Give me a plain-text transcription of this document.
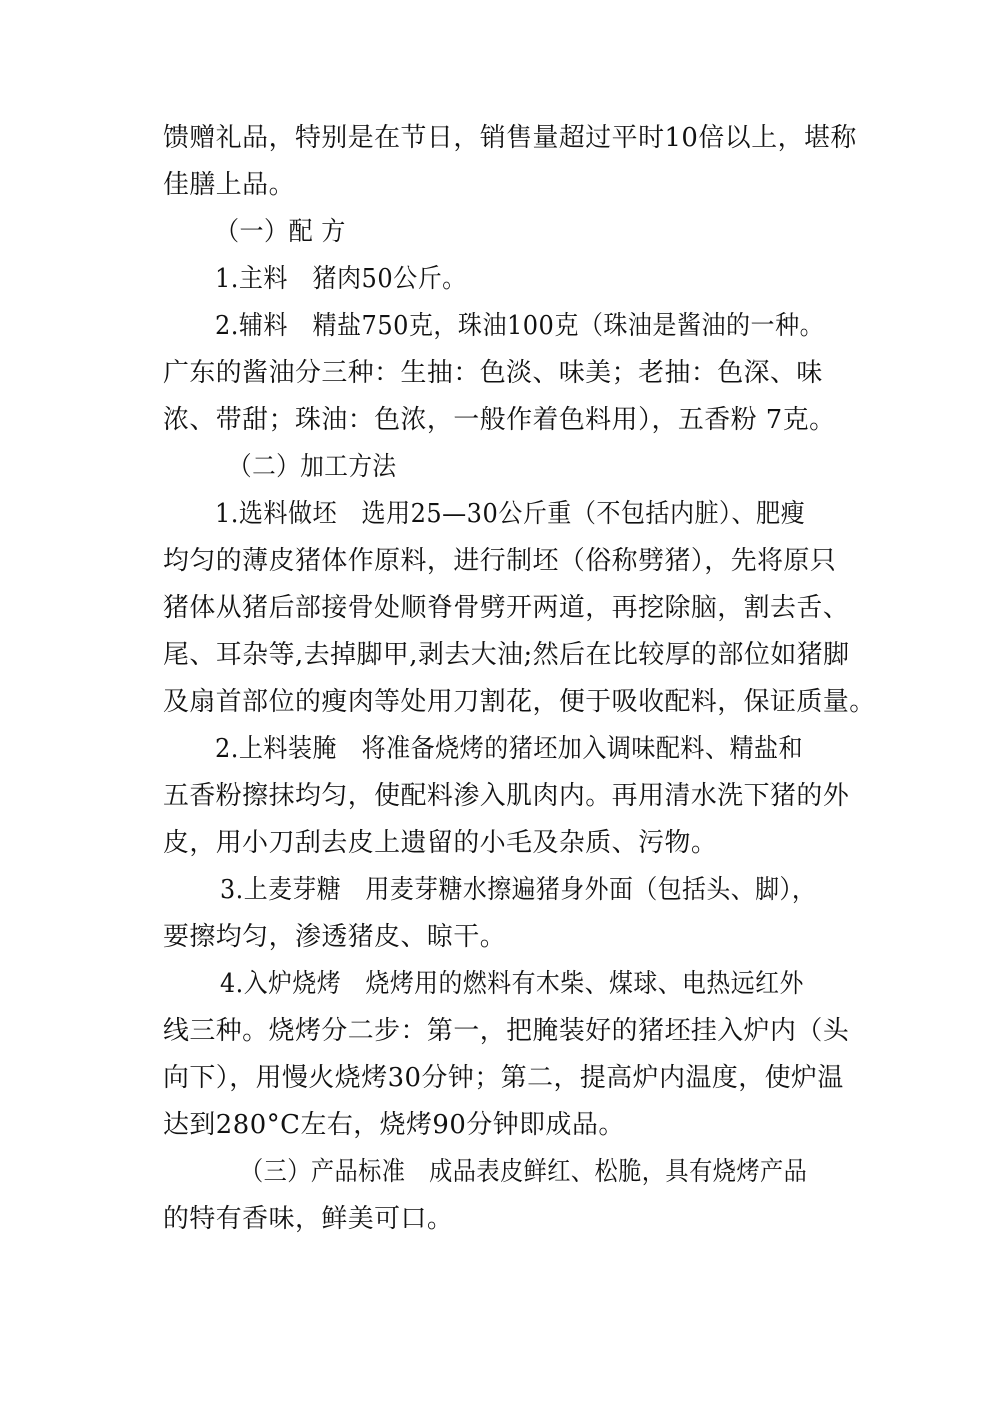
馈赠礼品，特别是在节日，销售量超过平时10倍以上，堪称
佳膳上品。
（一）配 方
1.主料　猪肉50公斤。
2.辅料　精盐750克，珠油100克（珠油是酱油的一种。
广东的酱油分三种：生抽：色淡、味美；老抽：色深、味
浓、带甜；珠油：色浓，一般作着色料用），五香粉 7克。
（二）加工方法
1.选料做坯　选用25—30公斤重（不包括内脏）、肥瘦
均匀的薄皮猪体作原料，进行制坯（俗称劈猪），先将原只
猪体从猪后部接骨处顺脊骨劈开两道，再挖除脑，割去舌、
尾、耳杂等,去掉脚甲,剥去大油;然后在比较厚的部位如猪脚
及扇首部位的瘦肉等处用刀割花，便于吸收配料，保证质量。
2.上料装腌　将准备烧烤的猪坯加入调味配料、精盐和
五香粉擦抹均匀，使配料渗入肌肉内。再用清水洗下猪的外
皮，用小刀刮去皮上遗留的小毛及杂质、污物。
3.上麦芽糖　用麦芽糖水擦遍猪身外面（包括头、脚），
要擦均匀，渗透猪皮、晾干。
4.入炉烧烤　烧烤用的燃料有木柴、煤球、电热远红外
线三种。烧烤分二步：第一，把腌装好的猪坯挂入炉内（头
向下），用慢火烧烤30分钟；第二，提高炉内温度，使炉温
达到280°C左右，烧烤90分钟即成品。
（三）产品标准　成品表皮鲜红、松脆，具有烧烤产品
的特有香味，鲜美可口。
